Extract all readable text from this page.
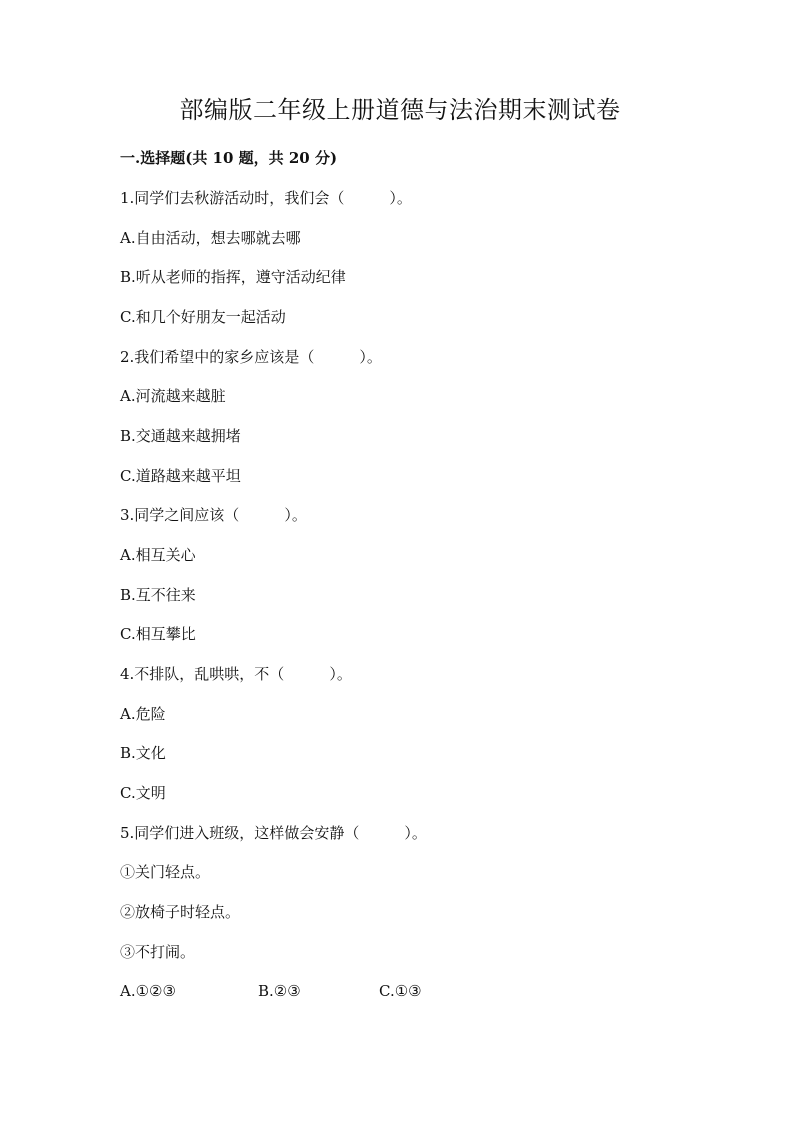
部编版二年级上册道德与法治期末测试卷
一.选择题(共 10 题，共 20 分)
1.同学们去秋游活动时，我们会（　　　）。
A.自由活动，想去哪就去哪
B.听从老师的指挥，遵守活动纪律
C.和几个好朋友一起活动
2.我们希望中的家乡应该是（　　　）。
A.河流越来越脏
B.交通越来越拥堵
C.道路越来越平坦
3.同学之间应该（　　　）。
A.相互关心
B.互不往来
C.相互攀比
4.不排队，乱哄哄，不（　　　）。
A.危险
B.文化
C.文明
5.同学们进入班级，这样做会安静（　　　）。
①关门轻点。
②放椅子时轻点。
③不打闹。
A.①②③	B.②③	C.①③
